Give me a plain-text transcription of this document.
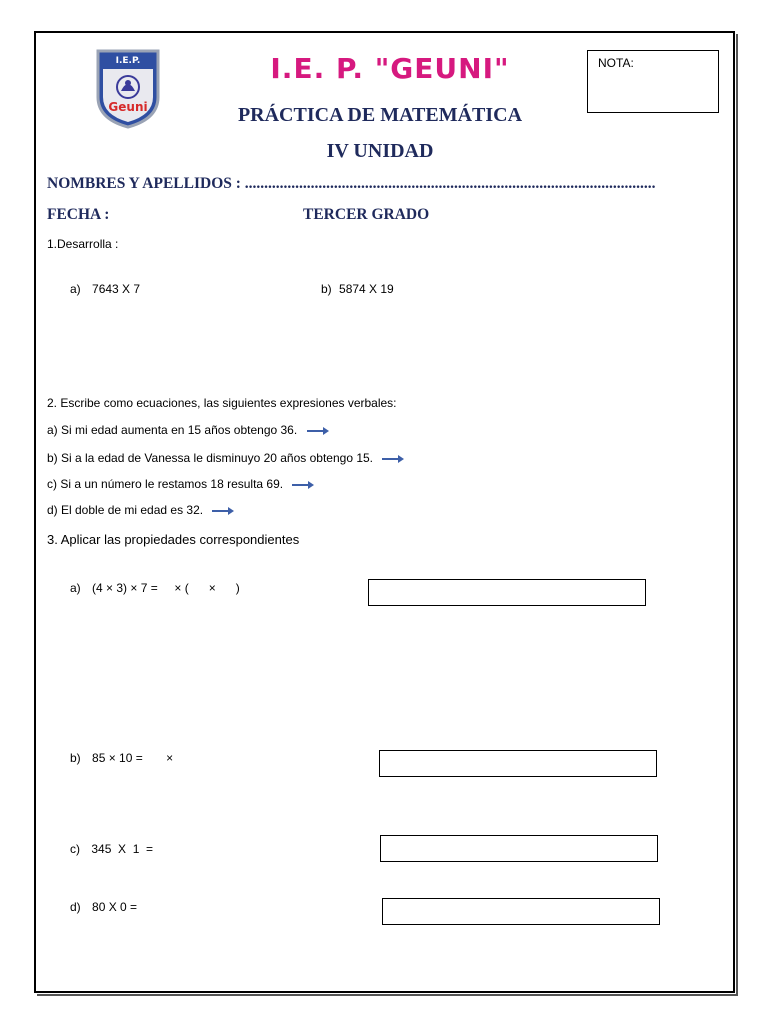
I.E.P.
Geuni
I.E. P. "GEUNI"	NOTA:
PRÁCTICA DE MATEMÁTICA
IV UNIDAD
NOMBRES Y APELLIDOS : ..........................................................................................................
FECHA :	TERCER GRADO
1.Desarrolla :
a) 7643 X 7	b) 5874 X 19
2. Escribe como ecuaciones, las siguientes expresiones verbales:
a) Si mi edad aumenta en 15 años obtengo 36.
b) Si a la edad de Vanessa le disminuyo 20 años obtengo 15.
c) Si a un número le restamos 18 resulta 69.
d) El doble de mi edad es 32.
3. Aplicar las propiedades correspondientes
a) (4 × 3) × 7 =     × (      ×      )
b) 85 × 10 =       ×
c) 345  X  1  =
d) 80 X 0 =
